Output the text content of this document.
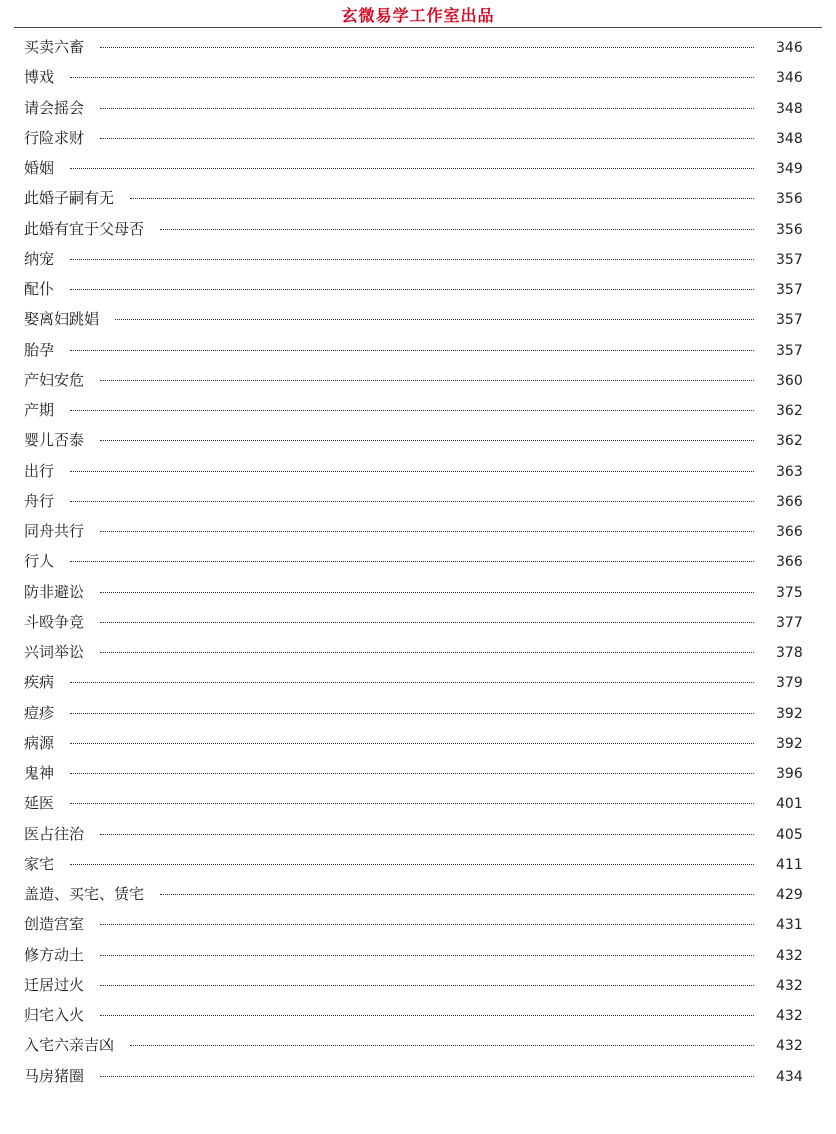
玄微易学工作室出品
买卖六畜	346
博戏	346
请会摇会	348
行险求财	348
婚姻	349
此婚子嗣有无	356
此婚有宜于父母否	356
纳宠	357
配仆	357
娶离妇跳娼	357
胎孕	357
产妇安危	360
产期	362
婴儿否泰	362
出行	363
舟行	366
同舟共行	366
行人	366
防非避讼	375
斗殴争竞	377
兴词举讼	378
疾病	379
痘疹	392
病源	392
鬼神	396
延医	401
医占往治	405
家宅	411
盖造、买宅、赁宅	429
创造宫室	431
修方动土	432
迁居过火	432
归宅入火	432
入宅六亲吉凶	432
马房猪圈	434
